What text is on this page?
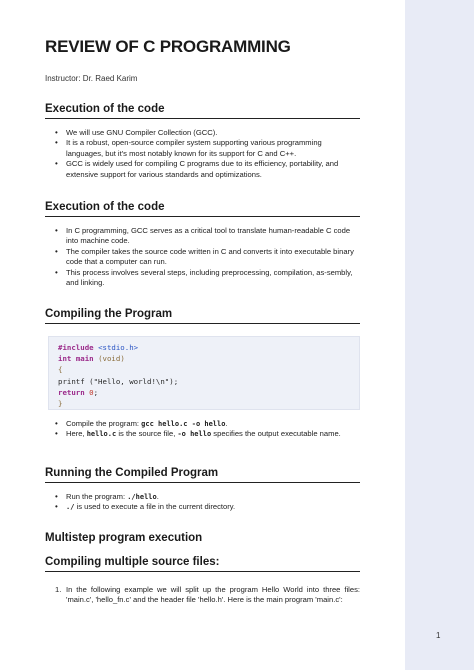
REVIEW OF C PROGRAMMING
Instructor: Dr. Raed Karim
Execution of the code
• We will use GNU Compiler Collection (GCC).
• It is a robust, open-source compiler system supporting various programming languages, but it's most notably known for its support for C and C++.
• GCC is widely used for compiling C programs due to its efficiency, portability, and extensive support for various standards and optimizations.
Execution of the code
• In C programming, GCC serves as a critical tool to translate human-readable C code into machine code.
• The compiler takes the source code written in C and converts it into executable binary code that a computer can run.
• This process involves several steps, including preprocessing, compilation, as-sembly, and linking.
Compiling the Program
#include <stdio.h>
int main (void)
{
printf ("Hello, world!\n");
return 0;
}
• Compile the program: gcc hello.c -o hello.
• Here, hello.c is the source file, -o hello specifies the output executable name.
Running the Compiled Program
• Run the program: ./hello.
• ./ is used to execute a file in the current directory.
Multistep program execution
Compiling multiple source files:
1. In the following example we will split up the program Hello World into three files: 'main.c', 'hello_fn.c' and the header file 'hello.h'. Here is the main program 'main.c':
1
